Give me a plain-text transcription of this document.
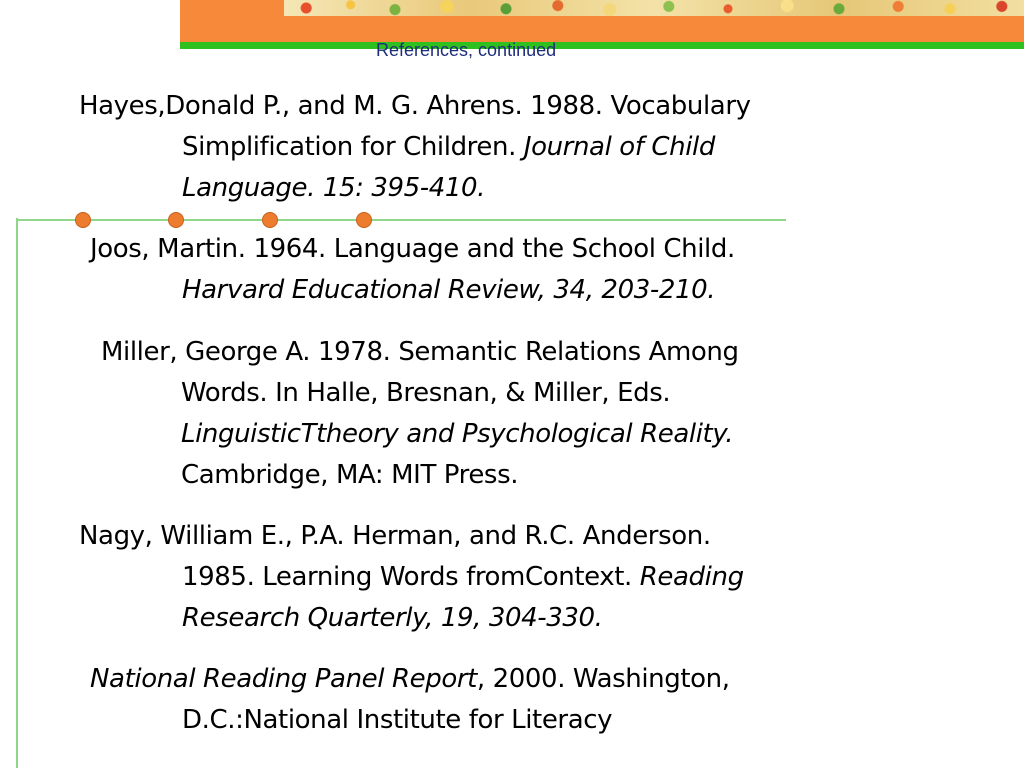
References, continued
Hayes,Donald P., and M. G. Ahrens. 1988. Vocabulary
Simplification for Children. Journal of Child
Language. 15: 395-410.
Joos, Martin. 1964. Language and the School Child.
Harvard Educational Review, 34, 203-210.
Miller, George A. 1978. Semantic Relations Among
Words. In Halle, Bresnan, & Miller, Eds.
LinguisticTtheory and Psychological Reality.
Cambridge, MA: MIT Press.
Nagy, William E., P.A. Herman, and R.C. Anderson.
1985. Learning Words fromContext. Reading
Research Quarterly, 19, 304-330.
National Reading Panel Report, 2000. Washington,
D.C.:National Institute for Literacy
